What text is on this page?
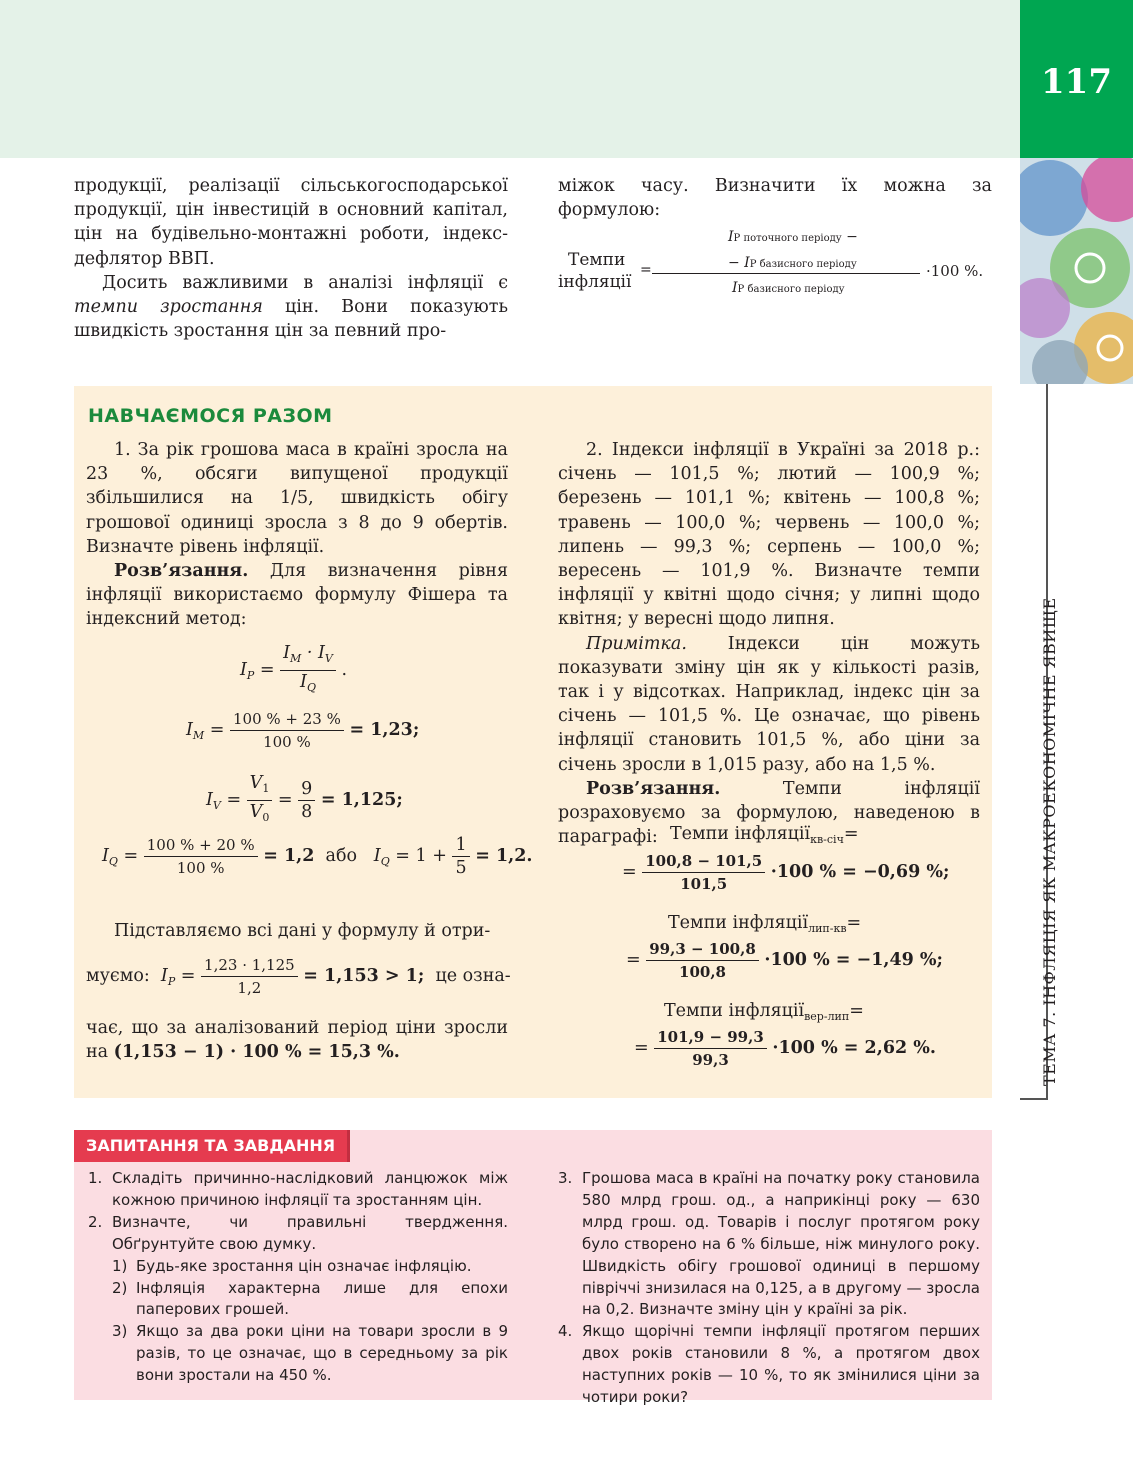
117
ТЕМА 7. ІНФЛЯЦІЯ ЯК МАКРОЕКОНОМІЧНЕ ЯВИЩЕ

продукції, реалізації сільськогосподарської продукції, цін інвестицій в основний капітал, цін на будівельно-монтажні роботи, індекс-дефлятор ВВП.

Досить важливими в аналізі інфляції є темпи зростання цін. Вони показують швидкість зростання цін за певний про-

міжок часу. Визначити їх можна за формулою:

Темпи
інфляції
=
IP поточного періоду −
− IP базисного періоду
IP базисного періоду
·100 %.
НАВЧАЄМОСЯ РАЗОМ

1. За рік грошова маса в країні зросла на 23 %, обсяги випущеної продукції збільшилися на 1/5, швидкість обігу грошової одиниці зросла з 8 до 9 обертів. Визначте рівень інфляції.

Розв’язання. Для визначення рівня інфляції використаємо формулу Фішера та індексний метод:

$I_P = \frac{I_M \cdot I_V}{I_Q}$ .
$I_M = \frac{100 \% + 23 \%}{100 \%} = 1,23$;
$I_V = \frac{V_1}{V_0} = \frac{9}{8} = 1,125$;
$I_Q = \frac{100 \% + 20 \%}{100 \%} = 1,2$ або $I_Q = 1 + \frac{1}{5} = 1,2$.

Підставляємо всі дані у формулу й отри-

муємо: $I_P = \frac{1,23 \cdot 1,125}{1,2} = 1,153 > 1$; це озна-

чає, що за аналізований період ціни зросли на (1,153 − 1) · 100 % = 15,3 %.

2. Індекси інфляції в Україні за 2018 р.: січень — 101,5 %; лютий — 100,9 %; березень — 101,1 %; квітень — 100,8 %; травень — 100,0 %; червень — 100,0 %; липень — 99,3 %; серпень — 100,0 %; вересень — 101,9 %. Визначте темпи інфляції у квітні щодо січня; у липні щодо квітня; у вересні щодо липня.

Примітка. Індекси цін можуть показувати зміну цін як у кількості разів, так і у відсотках. Наприклад, індекс цін за січень — 101,5 %. Це означає, що рівень інфляції становить 101,5 %, або ціни за січень зросли в 1,015 разу, або на 1,5 %.

Розв’язання. Темпи інфляції розраховуємо за формулою, наведеною в параграфі: Темпи інфляції$_{кв-січ}$=
= $\frac{100,8 - 101,5}{101,5} \cdot 100$ % = −0,69 %;
Темпи інфляції$_{лип-кв}$=
= $\frac{99,3 - 100,8}{100,8} \cdot 100$ % = −1,49 %;
Темпи інфляції$_{вер-лип}$=
= $\frac{101,9 - 99,3}{99,3} \cdot 100$ % = 2,62 %.
ЗАПИТАННЯ ТА ЗАВДАННЯ
1. Складіть причинно-наслідковий ланцюжок між кожною причиною інфляції та зростанням цін.
2. Визначте, чи правильні твердження. Обґрунтуйте свою думку.
1) Будь-яке зростання цін означає інфляцію.
2) Інфляція характерна лише для епохи паперових грошей.
3) Якщо за два роки ціни на товари зросли в 9 разів, то це означає, що в середньому за рік вони зростали на 450 %.
3. Грошова маса в країні на початку року становила 580 млрд грош. од., а наприкінці року — 630 млрд грош. од. Товарів і послуг протягом року було створено на 6 % більше, ніж минулого року. Швидкість обігу грошової одиниці в першому півріччі знизилася на 0,125, а в другому — зросла на 0,2. Визначте зміну цін у країні за рік.
4. Якщо щорічні темпи інфляції протягом перших двох років становили 8 %, а протягом двох наступних років — 10 %, то як змінилися ціни за чотири роки?
